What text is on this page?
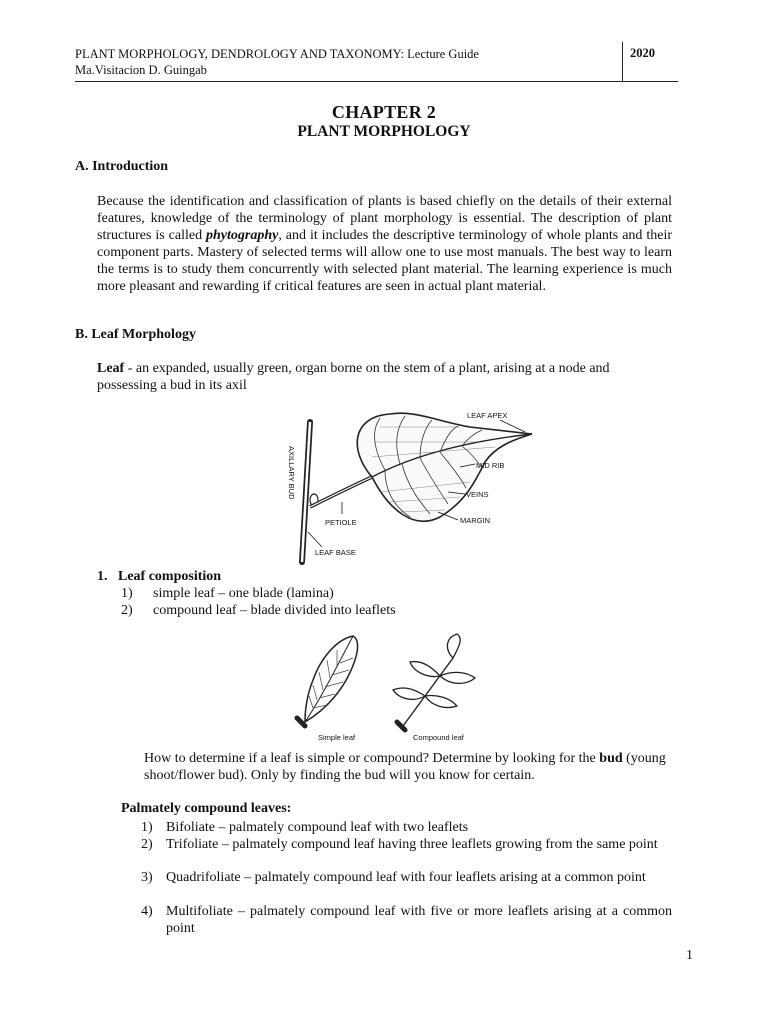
PLANT MORPHOLOGY, DENDROLOGY AND TAXONOMY: Lecture Guide
Ma.Visitacion D. Guingab
2020
CHAPTER 2
PLANT MORPHOLOGY
A. Introduction
Because the identification and classification of plants is based chiefly on the details of their external features, knowledge of the terminology of plant morphology is essential. The description of plant structures is called phytography, and it includes the descriptive terminology of whole plants and their component parts. Mastery of selected terms will allow one to use most manuals. The best way to learn the terms is to study them concurrently with selected plant material. The learning experience is much more pleasant and rewarding if critical features are seen in actual plant material.
B. Leaf Morphology
Leaf - an expanded, usually green, organ borne on the stem of a plant, arising at a node and possessing a bud in its axil
LEAF APEX
MID RIB
VEINS
MARGIN
PETIOLE
LEAF BASE
AXILLARY BUD
1. Leaf composition
1) simple leaf – one blade (lamina)
2) compound leaf – blade divided into leaflets
Simple leaf	Compound leaf
How to determine if a leaf is simple or compound? Determine by looking for the bud (young shoot/flower bud). Only by finding the bud will you know for certain.
Palmately compound leaves:
1) Bifoliate – palmately compound leaf with two leaflets
2) Trifoliate – palmately compound leaf having three leaflets growing from the same point
3) Quadrifoliate – palmately compound leaf with four leaflets arising at a common point
4) Multifoliate – palmately compound leaf with five or more leaflets arising at a common point
1
